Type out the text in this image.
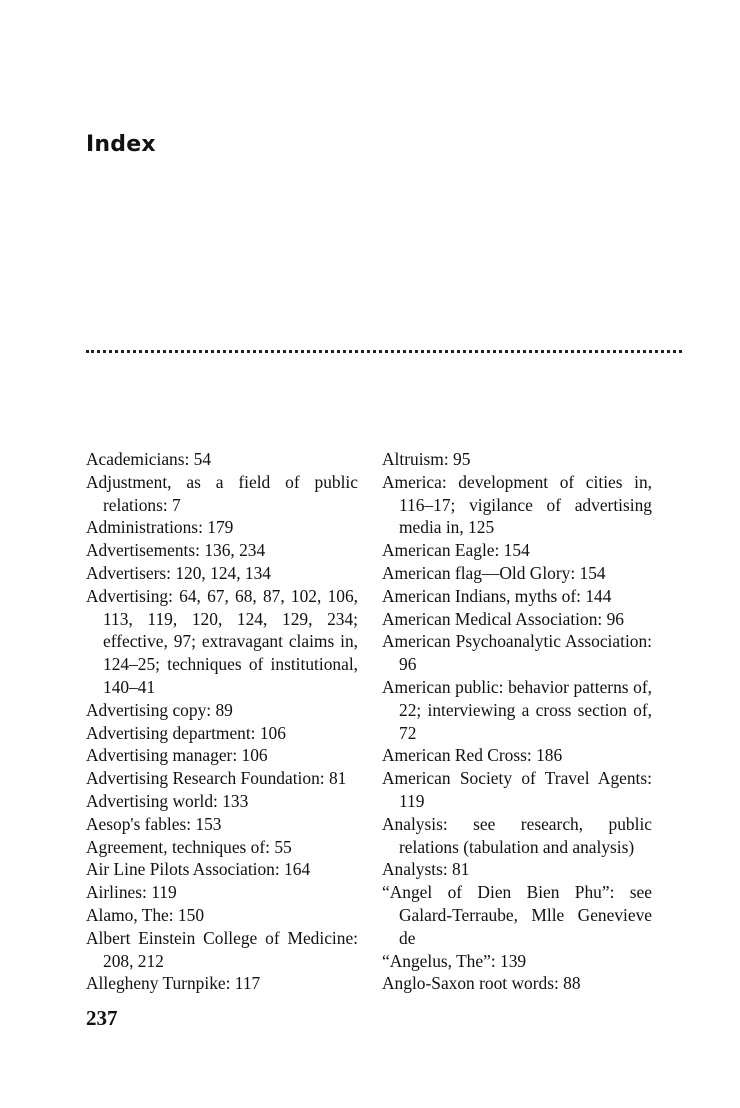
Index
Academicians: 54
Adjustment, as a field of public relations: 7
Administrations: 179
Advertisements: 136, 234
Advertisers: 120, 124, 134
Advertising: 64, 67, 68, 87, 102, 106, 113, 119, 120, 124, 129, 234; effective, 97; extravagant claims in, 124–25; techniques of institutional, 140–41
Advertising copy: 89
Advertising department: 106
Advertising manager: 106
Advertising Research Foundation: 81
Advertising world: 133
Aesop's fables: 153
Agreement, techniques of: 55
Air Line Pilots Association: 164
Airlines: 119
Alamo, The: 150
Albert Einstein College of Medicine: 208, 212
Allegheny Turnpike: 117
Altruism: 95
America: development of cities in, 116–17; vigilance of advertising media in, 125
American Eagle: 154
American flag—Old Glory: 154
American Indians, myths of: 144
American Medical Association: 96
American Psychoanalytic Association: 96
American public: behavior patterns of, 22; interviewing a cross section of, 72
American Red Cross: 186
American Society of Travel Agents: 119
Analysis: see research, public relations (tabulation and analysis)
Analysts: 81
“Angel of Dien Bien Phu”: see Galard-Terraube, Mlle Genevieve de
“Angelus, The”: 139
Anglo-Saxon root words: 88
237
